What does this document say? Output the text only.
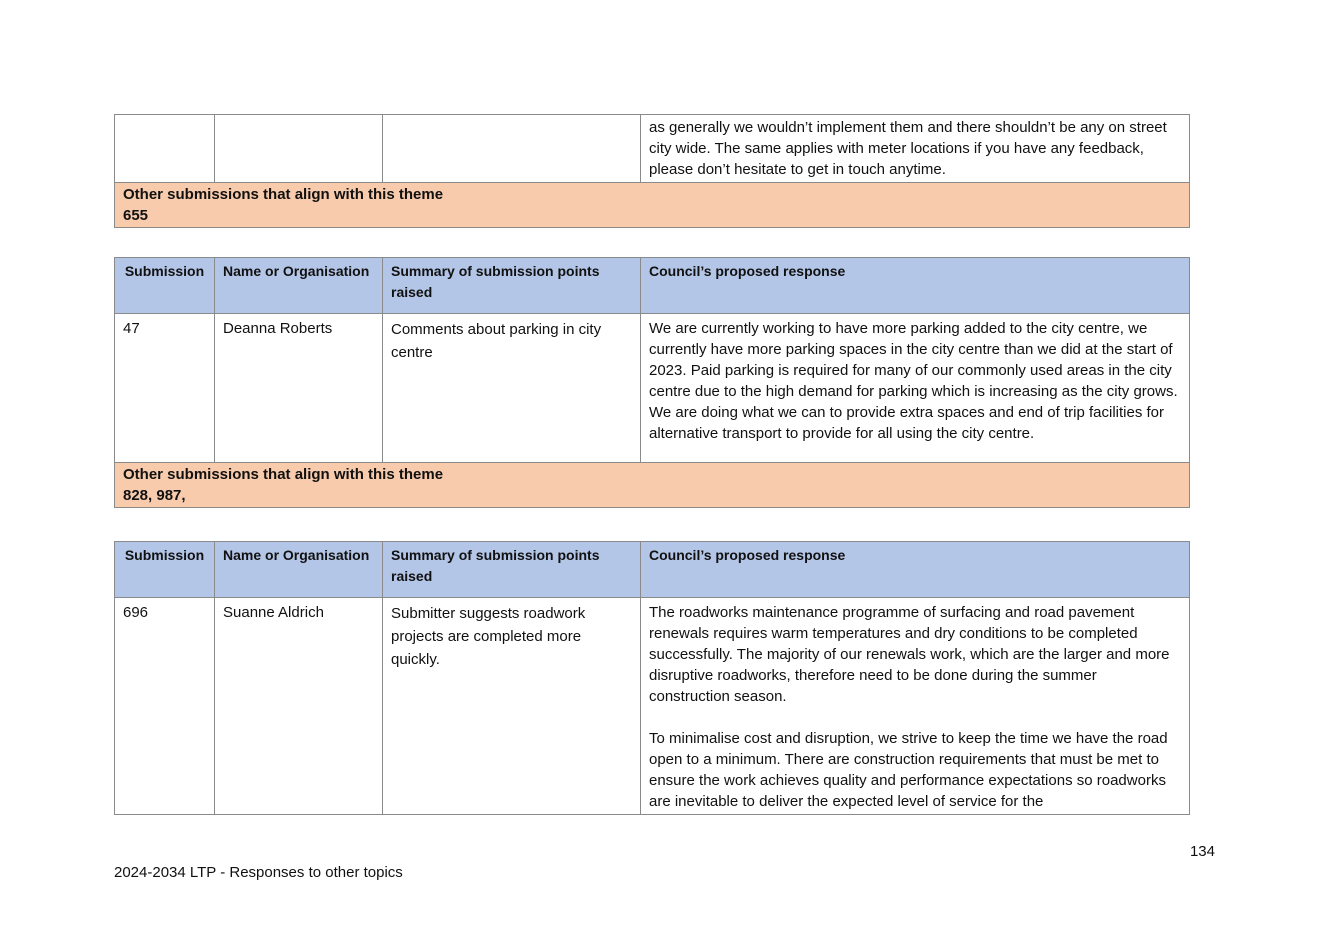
			as generally we wouldn’t implement them and there shouldn’t be any on street city wide. The same applies with meter locations if you have any feedback, please don’t hesitate to get in touch anytime.

Other submissions that align with this theme
655
Submission	Name or Organisation	Summary of submission points raised	Council’s proposed response
47	Deanna Roberts	Comments about parking in city centre	We are currently working to have more parking added to the city centre, we currently have more parking spaces in the city centre than we did at the start of 2023. Paid parking is required for many of our commonly used areas in the city centre due to the high demand for parking which is increasing as the city grows. We are doing what we can to provide extra spaces and end of trip facilities for alternative transport to provide for all using the city centre.

Other submissions that align with this theme
828, 987,			
Submission	Name or Organisation	Summary of submission points raised	Council’s proposed response
696	Suanne Aldrich	Submitter suggests roadwork projects are completed more quickly.	The roadworks maintenance programme of surfacing and road pavement renewals requires warm temperatures and dry conditions to be completed successfully. The majority of our renewals work, which are the larger and more disruptive roadworks, therefore need to be done during the summer construction season.
To minimalise cost and disruption, we strive to keep the time we have the road open to a minimum. There are construction requirements that must be met to ensure the work achieves quality and performance expectations so roadworks are inevitable to deliver the expected level of service for the
134
2024-2034 LTP - Responses to other topics
